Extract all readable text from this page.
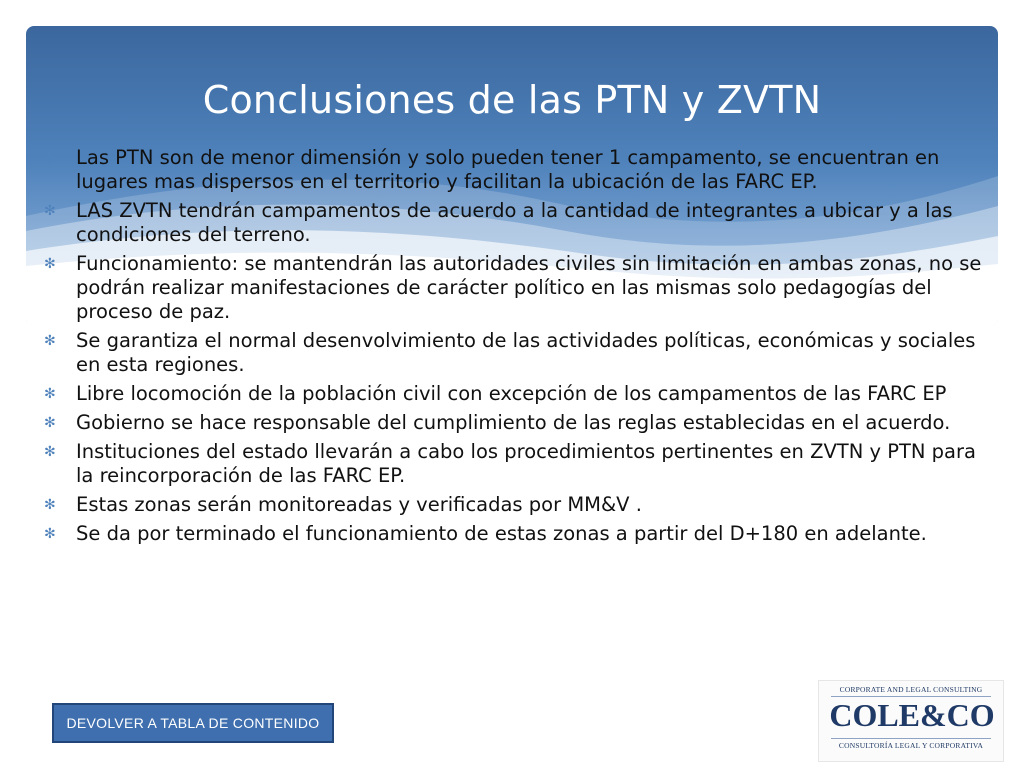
Conclusiones de las PTN y ZVTN
✻ Las PTN son de menor dimensión y solo pueden tener 1 campamento, se encuentran en lugares mas dispersos en el territorio y facilitan la ubicación de las FARC EP.
✻ LAS ZVTN tendrán campamentos de acuerdo a la cantidad de integrantes a ubicar y a las condiciones del terreno.
✻ Funcionamiento: se mantendrán las autoridades civiles sin limitación en ambas zonas, no se podrán realizar manifestaciones de carácter político en las mismas solo pedagogías del proceso de paz.
✻ Se garantiza el normal desenvolvimiento de las actividades políticas, económicas y sociales en esta regiones.
✻ Libre locomoción de la población civil con excepción de los campamentos de las FARC EP
✻ Gobierno se hace responsable del cumplimiento de las reglas establecidas en el acuerdo.
✻ Instituciones del estado llevarán a cabo los procedimientos pertinentes en ZVTN y PTN para la reincorporación de las FARC EP.
✻ Estas zonas serán monitoreadas y verificadas por MM&V .
✻ Se da por terminado el funcionamiento de estas zonas a partir del D+180 en adelante.
DEVOLVER A TABLA DE CONTENIDO
CORPORATE AND LEGAL CONSULTING
COLE&CO
CONSULTORÍA LEGAL Y CORPORATIVA
